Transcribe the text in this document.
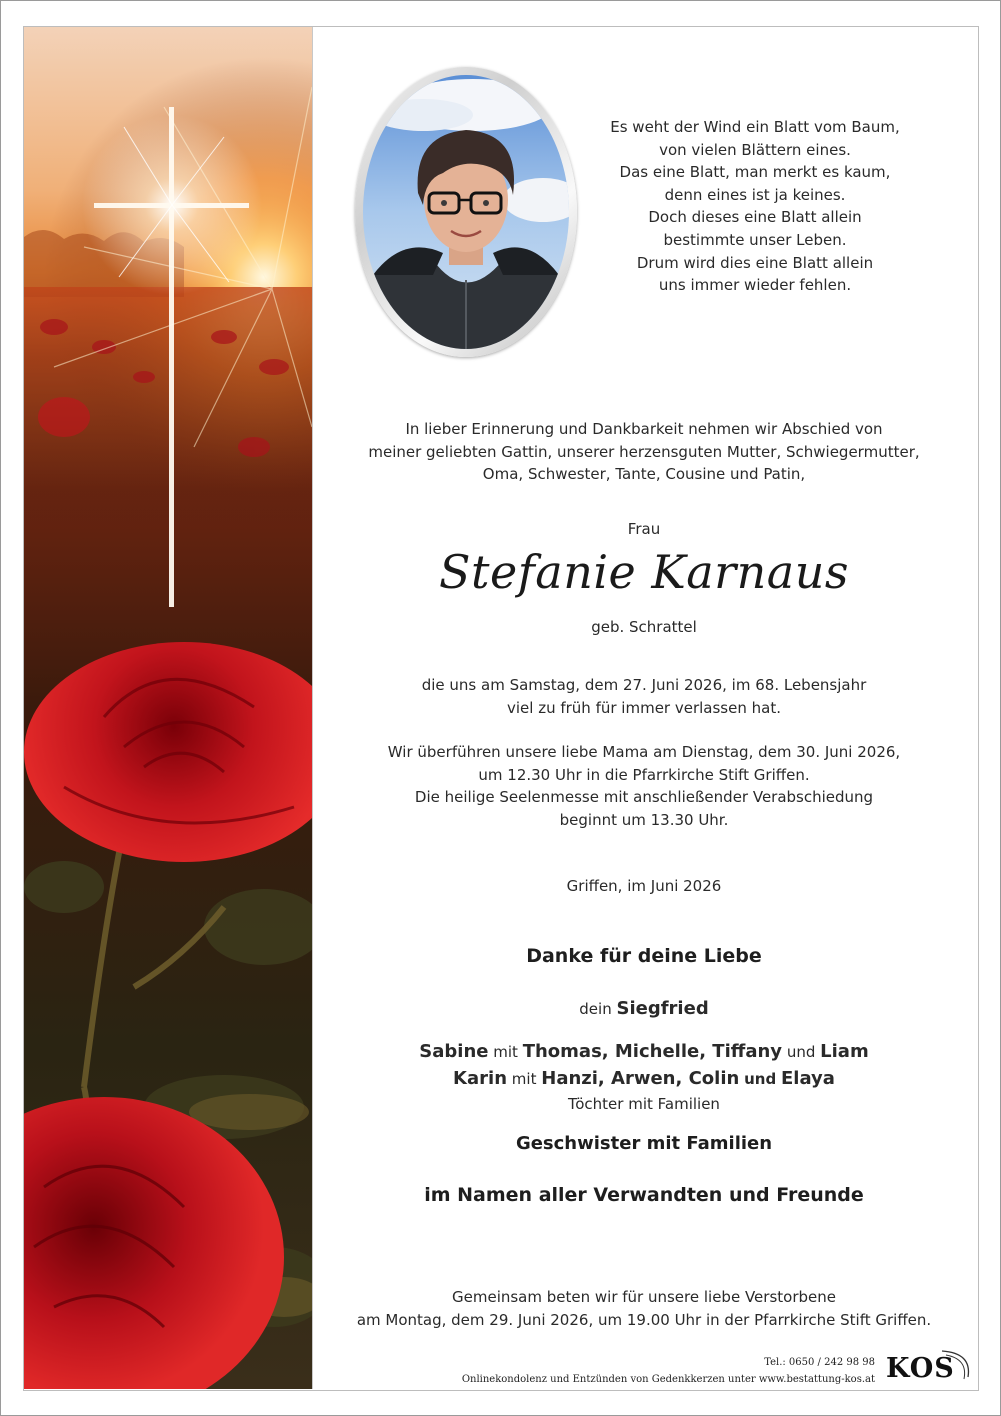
Es weht der Wind ein Blatt vom Baum,
von vielen Blättern eines.
Das eine Blatt, man merkt es kaum,
denn eines ist ja keines.
Doch dieses eine Blatt allein
bestimmte unser Leben.
Drum wird dies eine Blatt allein
uns immer wieder fehlen.
In lieber Erinnerung und Dankbarkeit nehmen wir Abschied von
meiner geliebten Gattin, unserer herzensguten Mutter, Schwiegermutter,
Oma, Schwester, Tante, Cousine und Patin,
Frau
Stefanie Karnaus
geb. Schrattel
die uns am Samstag, dem 27. Juni 2026, im 68. Lebensjahr
viel zu früh für immer verlassen hat.
Wir überführen unsere liebe Mama am Dienstag, dem 30. Juni 2026,
um 12.30 Uhr in die Pfarrkirche Stift Griffen.
Die heilige Seelenmesse mit anschließender Verabschiedung
beginnt um 13.30 Uhr.
Griffen, im Juni 2026
Danke für deine Liebe
dein Siegfried
Sabine mit Thomas, Michelle, Tiffany und Liam
Karin mit Hanzi, Arwen, Colin und Elaya
Töchter mit Familien
Geschwister mit Familien
im Namen aller Verwandten und Freunde
Gemeinsam beten wir für unsere liebe Verstorbene
am Montag, dem 29. Juni 2026, um 19.00 Uhr in der Pfarrkirche Stift Griffen.
Tel.: 0650 / 242 98 98
Onlinekondolenz und Entzünden von Gedenkkerzen unter www.bestattung-kos.at KOS
